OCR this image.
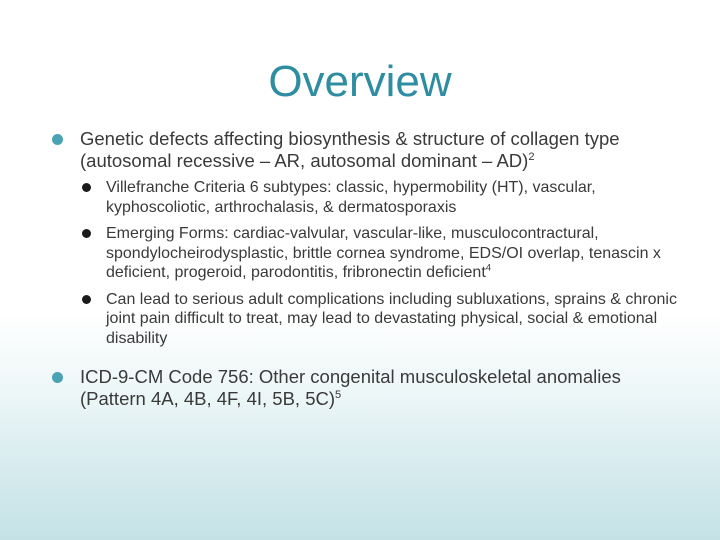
Overview
Genetic defects affecting biosynthesis & structure of collagen type (autosomal recessive – AR, autosomal dominant – AD)$^2$
Villefranche Criteria 6 subtypes: classic, hypermobility (HT), vascular, kyphoscoliotic, arthrochalasis, & dermatosporaxis
Emerging Forms: cardiac-valvular, vascular-like, musculocontractural, spondylocheirodysplastic, brittle cornea syndrome, EDS/OI overlap, tenascin x deficient, progeroid, parodontitis, fribronectin deficient$^4$
Can lead to serious adult complications including subluxations, sprains & chronic joint pain difficult to treat, may lead to devastating physical, social & emotional disability
ICD-9-CM Code 756: Other congenital musculoskeletal anomalies (Pattern 4A, 4B, 4F, 4I, 5B, 5C)$^5$
